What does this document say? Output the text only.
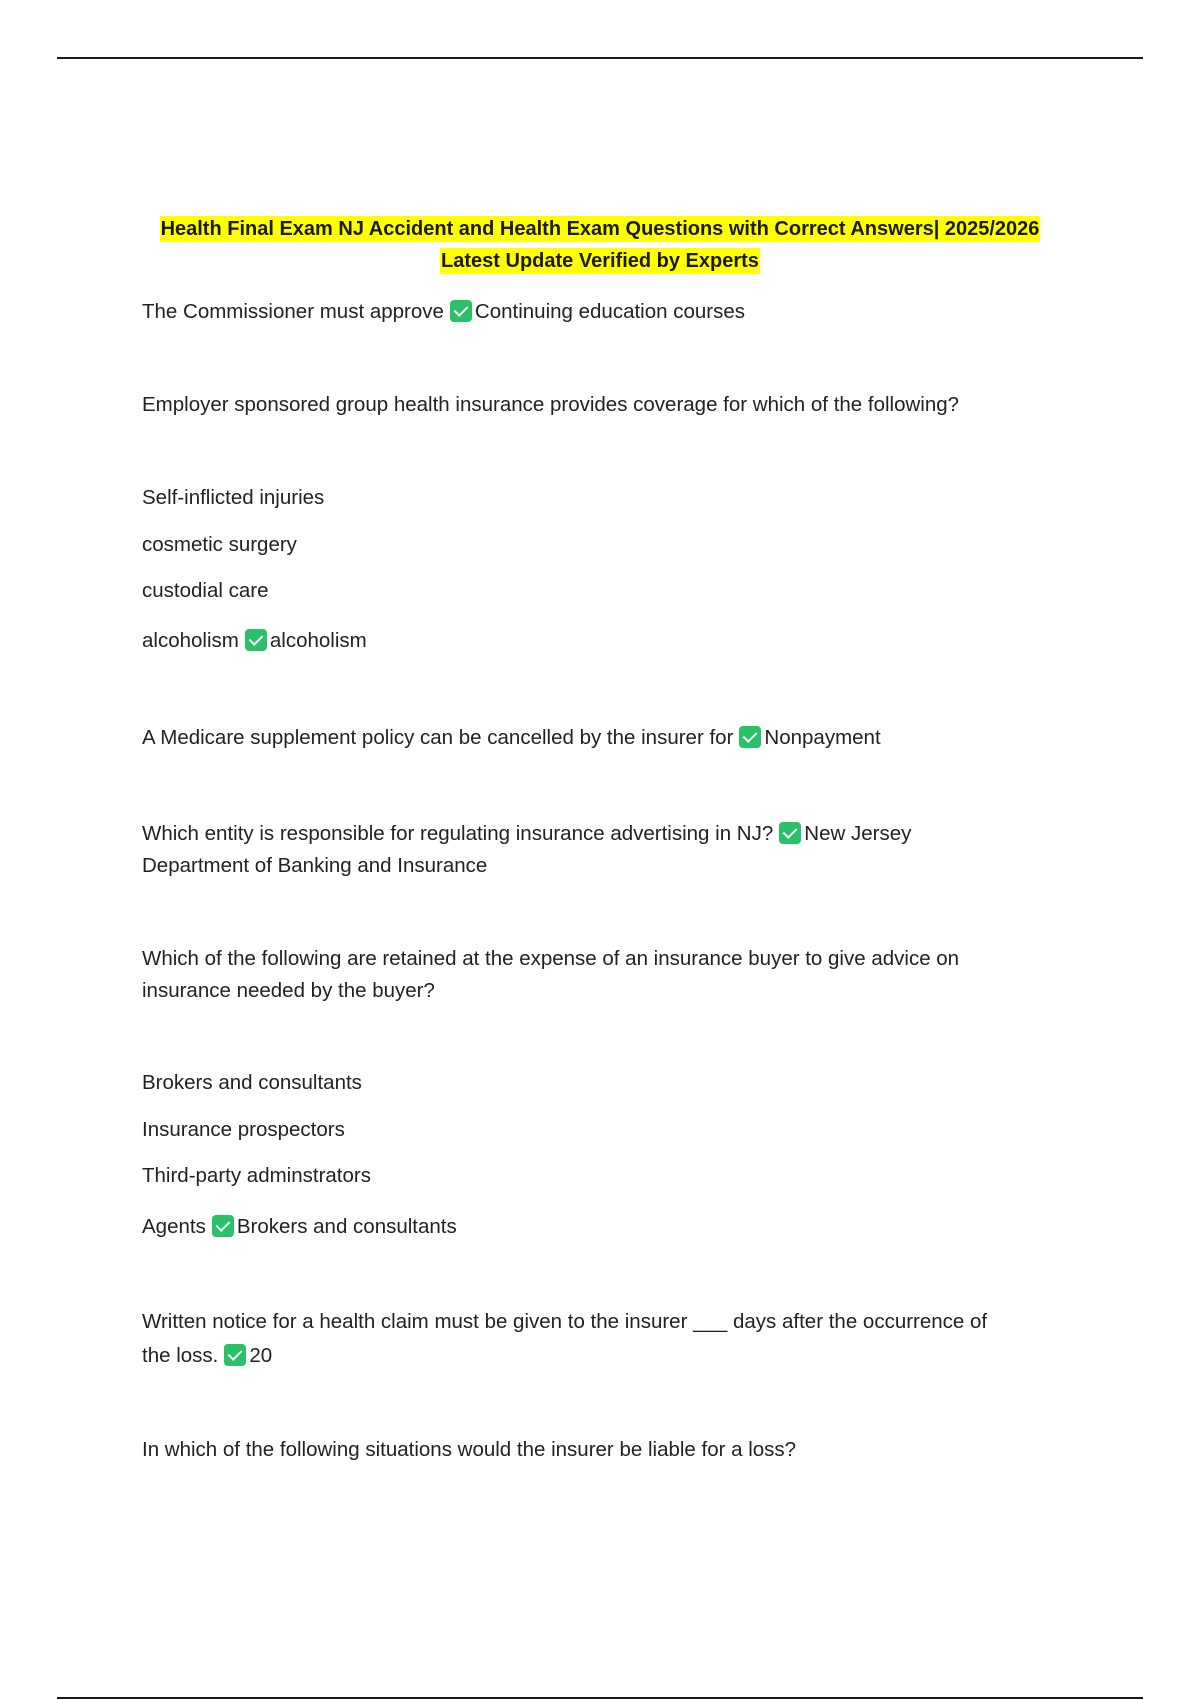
Health Final Exam NJ Accident and Health Exam Questions with Correct Answers| 2025/2026
Latest Update Verified by Experts
The Commissioner must approve Continuing education courses
Employer sponsored group health insurance provides coverage for which of the following?
Self-inflicted injuries
cosmetic surgery
custodial care
alcoholism alcoholism
A Medicare supplement policy can be cancelled by the insurer for Nonpayment
Which entity is responsible for regulating insurance advertising in NJ? New Jersey
Department of Banking and Insurance
Which of the following are retained at the expense of an insurance buyer to give advice on
insurance needed by the buyer?
Brokers and consultants
Insurance prospectors
Third-party adminstrators
Agents Brokers and consultants
Written notice for a health claim must be given to the insurer ___ days after the occurrence of
the loss. 20
In which of the following situations would the insurer be liable for a loss?
